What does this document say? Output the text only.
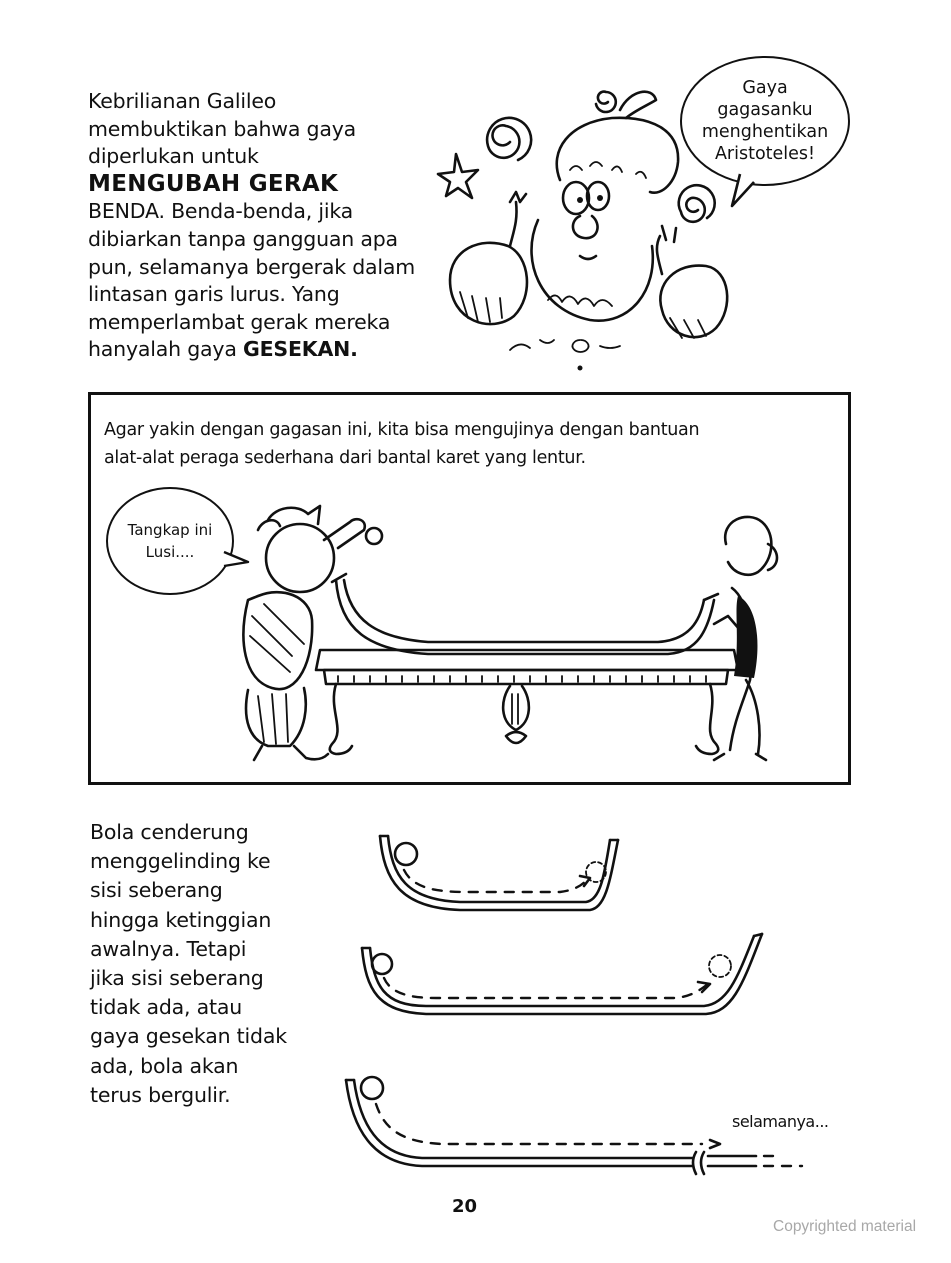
Kebrilianan Galileo
membuktikan bahwa gaya
diperlukan untuk
MENGUBAH GERAK
BENDA. Benda-benda, jika
dibiarkan tanpa gangguan apa
pun, selamanya bergerak dalam
lintasan garis lurus. Yang
memperlambat gerak mereka
hanyalah gaya GESEKAN.
Gaya
gagasanku
menghentikan
Aristoteles!
Agar yakin dengan gagasan ini, kita bisa mengujinya dengan bantuan
alat-alat peraga sederhana dari bantal karet yang lentur.
Tangkap ini
Lusi....
Bola cenderung
menggelinding ke
sisi seberang
hingga ketinggian
awalnya. Tetapi
jika sisi seberang
tidak ada, atau
gaya gesekan tidak
ada, bola akan
terus bergulir.
selamanya...
20
Copyrighted material
